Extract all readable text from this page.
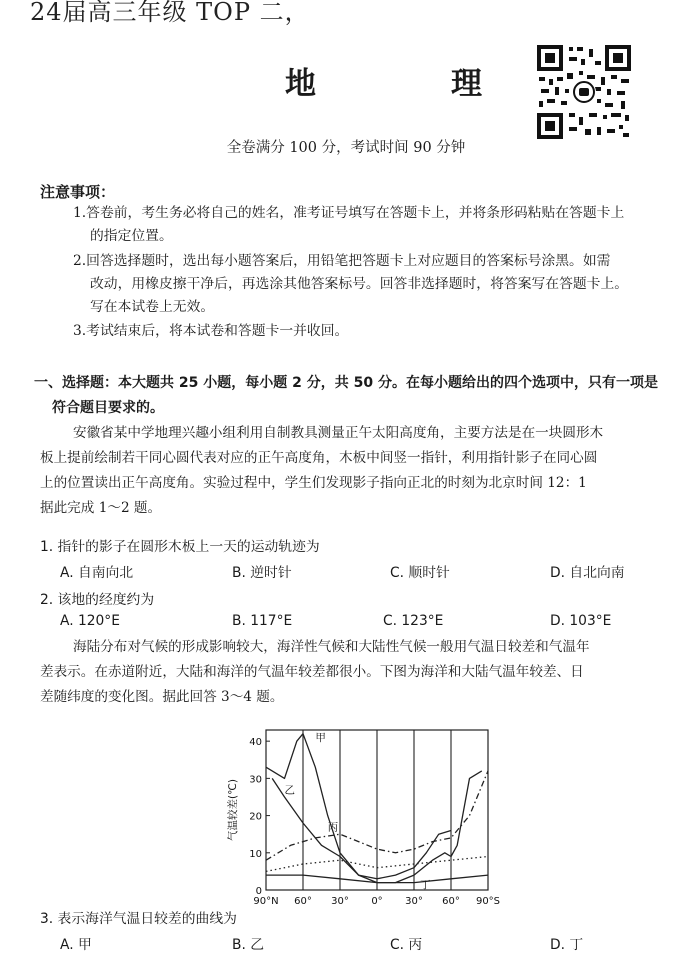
24届高三年级 TOP 二，
地　理
全卷满分 100 分，考试时间 90 分钟
注意事项：
1.答卷前，考生务必将自己的姓名，准考证号填写在答题卡上，并将条形码粘贴在答题卡上
的指定位置。
2.回答选择题时，选出每小题答案后，用铅笔把答题卡上对应题目的答案标号涂黑。如需
改动，用橡皮擦干净后，再选涂其他答案标号。回答非选择题时，将答案写在答题卡上。
写在本试卷上无效。
3.考试结束后，将本试卷和答题卡一并收回。
一、选择题：本大题共 25 小题，每小题 2 分，共 50 分。在每小题给出的四个选项中，只有一项是
符合题目要求的。
安徽省某中学地理兴趣小组利用自制教具测量正午太阳高度角，主要方法是在一块圆形木
板上提前绘制若干同心圆代表对应的正午高度角，木板中间竖一指针，利用指针影子在同心圆
上的位置读出正午高度角。实验过程中，学生们发现影子指向正北的时刻为北京时间 12：1
据此完成 1～2 题。
1. 指针的影子在圆形木板上一天的运动轨迹为
A. 自南向北	B. 逆时针	C. 顺时针	D. 自北向南
2. 该地的经度约为
A. 120°E	B. 117°E	C. 123°E	D. 103°E
海陆分布对气候的形成影响较大，海洋性气候和大陆性气候一般用气温日较差和气温年
差表示。在赤道附近，大陆和海洋的气温年较差都很小。下图为海洋和大陆气温年较差、日
差随纬度的变化图。据此回答 3～4 题。
90°N 60° 30° 0° 30° 60° 90°S
0
10
20
30
40
气温较差(℃)
甲
乙
丙
丁
3. 表示海洋气温日较差的曲线为
A. 甲	B. 乙	C. 丙	D. 丁
